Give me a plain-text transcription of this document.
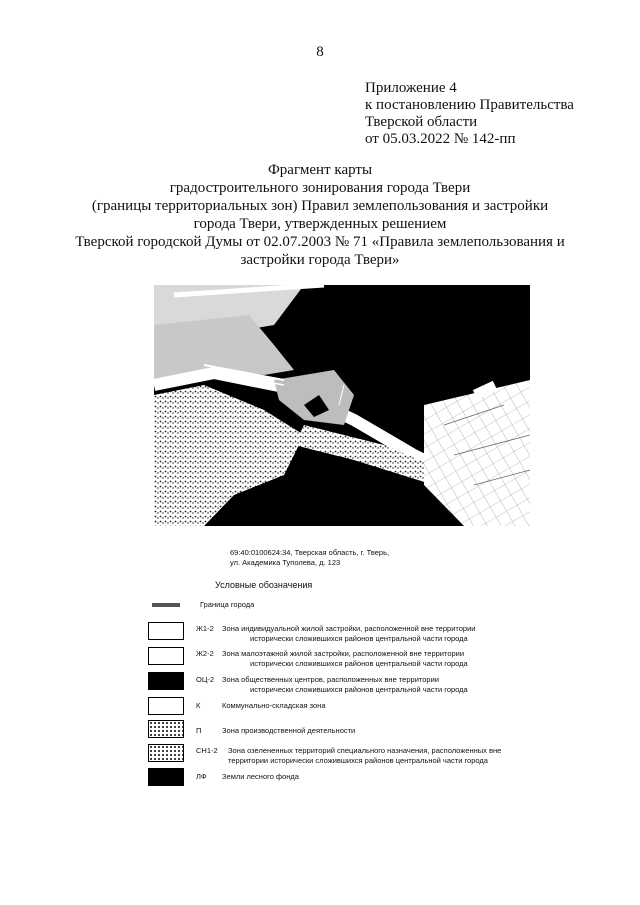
8
Приложение 4
к постановлению Правительства
Тверской области
от 05.03.2022 № 142-пп
Фрагмент карты
градостроительного зонирования города Твери
(границы территориальных зон) Правил землепользования и застройки
города Твери, утвержденных решением
Тверской городской Думы от 02.07.2003 № 71 «Правила землепользования и
застройки города Твери»
69:40:0100624:34, Тверская область, г. Тверь,
ул. Академика Туполева, д. 123
Условные обозначения
Граница города
Ж1-2 Зона индивидуальной жилой застройки, расположенной вне территории
исторически сложившихся районов центральной части города
Ж2-2 Зона малоэтажной жилой застройки, расположенной вне территории
исторически сложившихся районов центральной части города
ОЦ-2 Зона общественных центров, расположенных вне территории
исторически сложившихся районов центральной части города
К	Коммунально-складская зона
П	Зона производственной деятельности
СН1-2 Зона озелененных территорий специального назначения, расположенных вне
территории исторически сложившихся районов центральной части города
ЛФ Земли лесного фонда
